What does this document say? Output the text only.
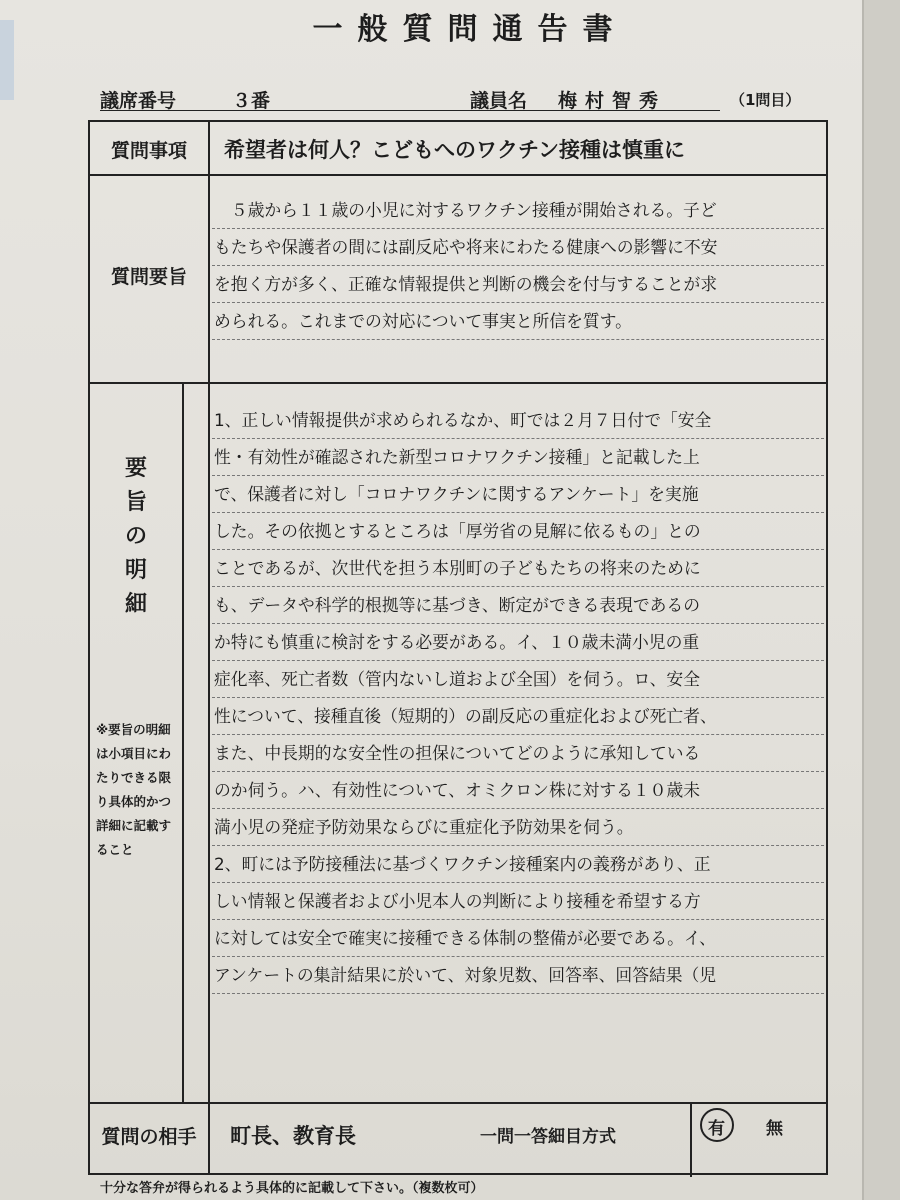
一般質問通告書
議席番号	３番	議員名 梅村智秀	（1問目）
質問事項	希望者は何人？こどもへのワクチン接種は慎重に
質問要旨
　５歳から１１歳の小児に対するワクチン接種が開始される。子ど
もたちや保護者の間には副反応や将来にわたる健康への影響に不安
を抱く方が多く、正確な情報提供と判断の機会を付与することが求
められる。これまでの対応について事実と所信を質す。
要
旨
の
明
細
※要旨の明細は小項目にわたりできる限り具体的かつ詳細に記載すること
1、正しい情報提供が求められるなか、町では２月７日付で「安全
性・有効性が確認された新型コロナワクチン接種」と記載した上
で、保護者に対し「コロナワクチンに関するアンケート」を実施
した。その依拠とするところは「厚労省の見解に依るもの」との
ことであるが、次世代を担う本別町の子どもたちの将来のために
も、データや科学的根拠等に基づき、断定ができる表現であるの
か特にも慎重に検討をする必要がある。イ、１０歳未満小児の重
症化率、死亡者数（管内ないし道および全国）を伺う。ロ、安全
性について、接種直後（短期的）の副反応の重症化および死亡者、
また、中長期的な安全性の担保についてどのように承知している
のか伺う。ハ、有効性について、オミクロン株に対する１０歳未
満小児の発症予防効果ならびに重症化予防効果を伺う。
2、町には予防接種法に基づくワクチン接種案内の義務があり、正
しい情報と保護者および小児本人の判断により接種を希望する方
に対しては安全で確実に接種できる体制の整備が必要である。イ、
アンケートの集計結果に於いて、対象児数、回答率、回答結果（児
質問の相手	町長、教育長	一問一答細目方式	有 無
十分な答弁が得られるよう具体的に記載して下さい。（複数枚可）
